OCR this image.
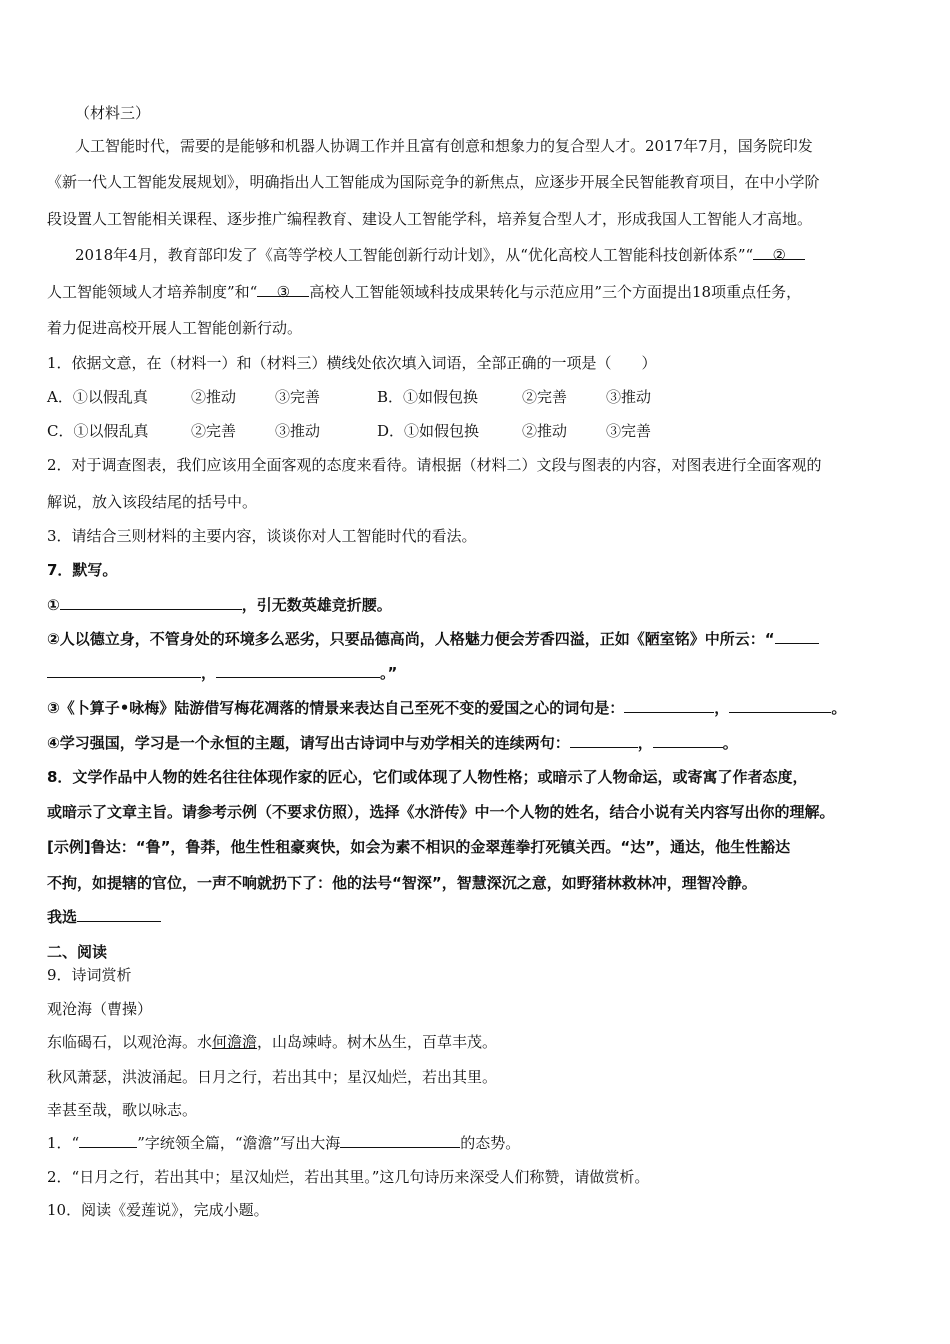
（材料三）
人工智能时代，需要的是能够和机器人协调工作并且富有创意和想象力的复合型人才。2017年7月，国务院印发
《新一代人工智能发展规划》，明确指出人工智能成为国际竞争的新焦点，应逐步开展全民智能教育项目，在中小学阶
段设置人工智能相关课程、逐步推广编程教育、建设人工智能学科，培养复合型人才，形成我国人工智能人才高地。
2018年4月，教育部印发了《高等学校人工智能创新行动计划》，从“优化高校人工智能科技创新体系”“ ②
人工智能领域人才培养制度”和“ ③ 高校人工智能领域科技成果转化与示范应用”三个方面提出18项重点任务，
着力促进高校开展人工智能创新行动。
1．依据文意，在（材料一）和（材料三）横线处依次填入词语，全部正确的一项是（　　）
A．①以假乱真	②推动	③完善	B．①如假包换	②完善	③推动
C．①以假乱真	②完善	③推动	D．①如假包换	②推动	③完善
2．对于调查图表，我们应该用全面客观的态度来看待。请根据（材料二）文段与图表的内容，对图表进行全面客观的
解说，放入该段结尾的括号中。
3．请结合三则材料的主要内容，谈谈你对人工智能时代的看法。
7．默写。
①	，引无数英雄竞折腰。
②人以德立身，不管身处的环境多么恶劣，只要品德高尚，人格魅力便会芳香四溢，正如《陋室铭》中所云：“
，	。”
③《卜算子•咏梅》陆游借写梅花凋落的情景来表达自己至死不变的爱国之心的词句是：	，	。
④学习强国，学习是一个永恒的主题，请写出古诗词中与劝学相关的连续两句：	，	。
8．文学作品中人物的姓名往往体现作家的匠心，它们或体现了人物性格；或暗示了人物命运，或寄寓了作者态度，
或暗示了文章主旨。请参考示例（不要求仿照），选择《水浒传》中一个人物的姓名，结合小说有关内容写出你的理解。
[示例]鲁达：“鲁”，鲁莽，他生性租豪爽快，如会为素不相识的金翠莲拳打死镇关西。“达”，通达，他生性豁达
不拘，如提辖的官位，一声不响就扔下了：他的法号“智深”，智慧深沉之意，如野猪林救林冲，理智冷静。
我选
二、阅读
9．诗词赏析
观沧海（曹操）
东临碣石，以观沧海。水何澹澹，山岛竦峙。树木丛生，百草丰茂。
秋风萧瑟，洪波涌起。日月之行，若出其中；星汉灿烂，若出其里。
幸甚至哉，歌以咏志。
1．“	”字统领全篇，“澹澹”写出大海	的态势。
2．“日月之行，若出其中；星汉灿烂，若出其里。”这几句诗历来深受人们称赞，请做赏析。
10．阅读《爱莲说》，完成小题。
